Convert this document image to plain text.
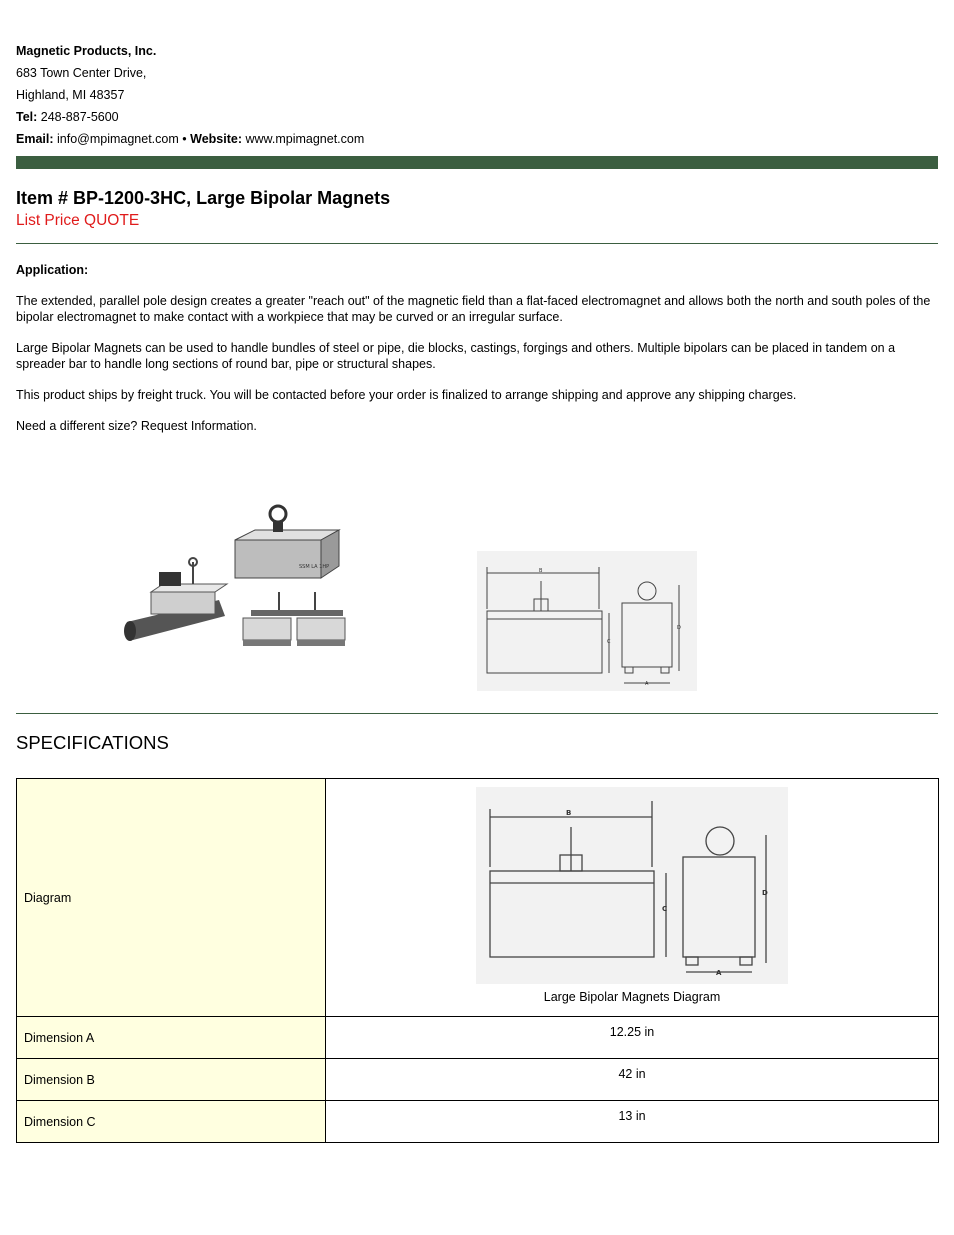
Magnetic Products, Inc.
683 Town Center Drive,
Highland, MI 48357
Tel: 248-887-5600
Email: info@mpimagnet.com • Website: www.mpimagnet.com
Item # BP-1200-3HC, Large Bipolar Magnets
List Price QUOTE

Application:

The extended, parallel pole design creates a greater "reach out" of the magnetic field than a flat-faced electromagnet and allows both the north and south poles of the bipolar electromagnet to make contact with a workpiece that may be curved or an irregular surface.

Large Bipolar Magnets can be used to handle bundles of steel or pipe, die blocks, castings, forgings and others. Multiple bipolars can be placed in tandem on a spreader bar to handle long sections of round bar, pipe or structural shapes.

This product ships by freight truck. You will be contacted before your order is finalized to arrange shipping and approve any shipping charges.

Need a different size? Request Information.

SSM LA 1HP
B
C
D
A
SPECIFICATIONS
Diagram	B
C
D
A
Large Bipolar Magnets Diagram

Dimension A	12.25 in
Dimension B	42 in
Dimension C	13 in
